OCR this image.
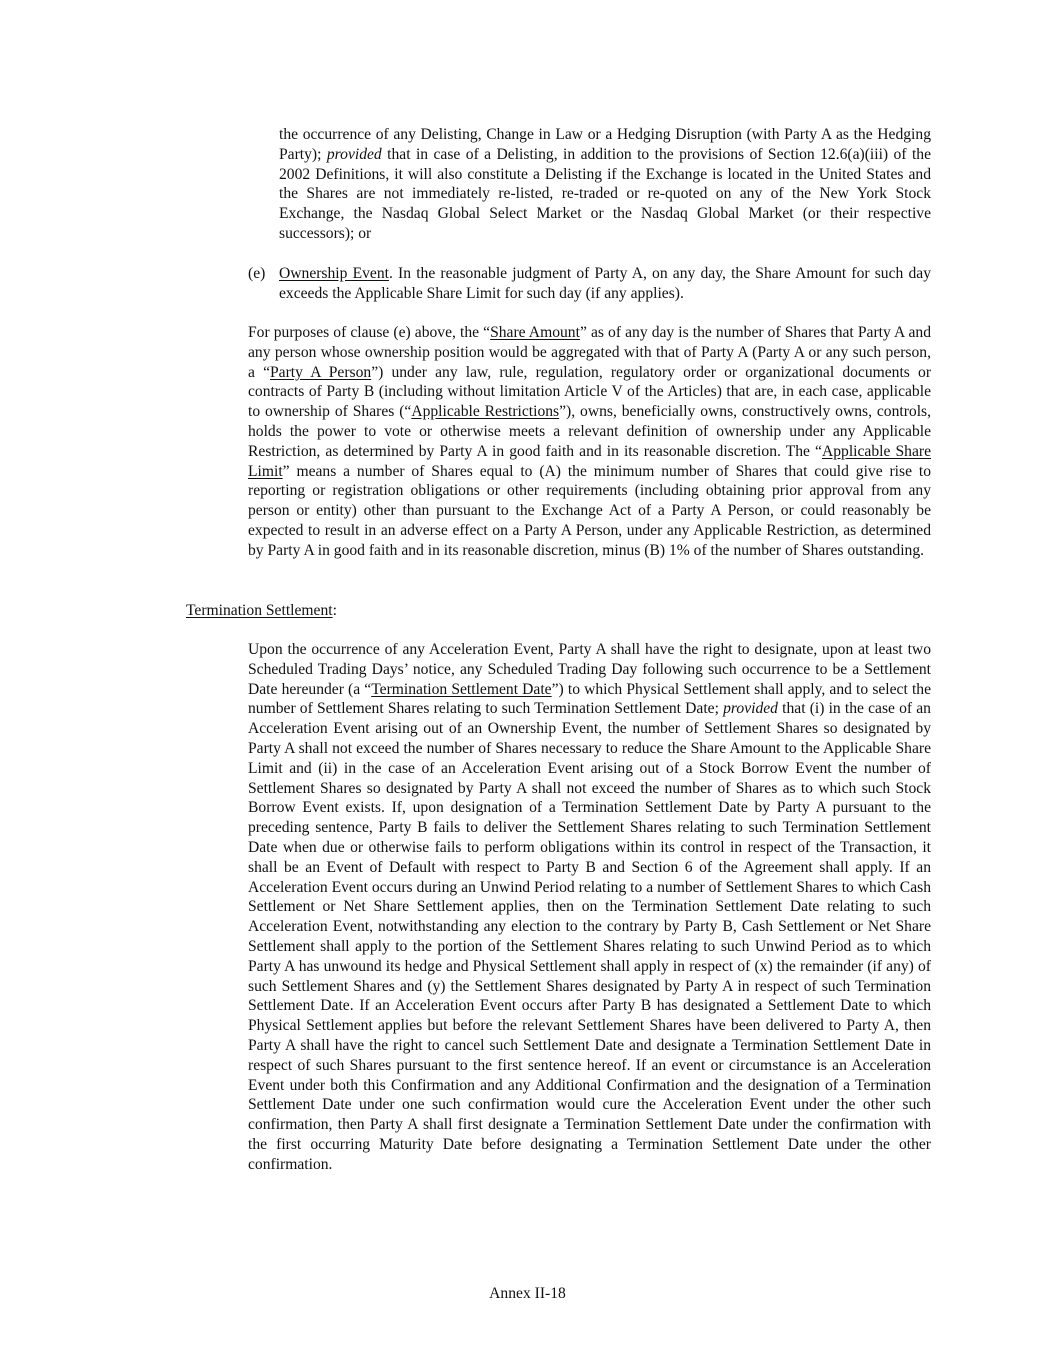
the occurrence of any Delisting, Change in Law or a Hedging Disruption (with Party A as the Hedging Party); provided that in case of a Delisting, in addition to the provisions of Section 12.6(a)(iii) of the 2002 Definitions, it will also constitute a Delisting if the Exchange is located in the United States and the Shares are not immediately re-listed, re-traded or re-quoted on any of the New York Stock Exchange, the Nasdaq Global Select Market or the Nasdaq Global Market (or their respective successors); or

(e) Ownership Event. In the reasonable judgment of Party A, on any day, the Share Amount for such day exceeds the Applicable Share Limit for such day (if any applies).

For purposes of clause (e) above, the “Share Amount” as of any day is the number of Shares that Party A and any person whose ownership position would be aggregated with that of Party A (Party A or any such person, a “Party A Person”) under any law, rule, regulation, regulatory order or organizational documents or contracts of Party B (including without limitation Article V of the Articles) that are, in each case, applicable to ownership of Shares (“Applicable Restrictions”), owns, beneficially owns, constructively owns, controls, holds the power to vote or otherwise meets a relevant definition of ownership under any Applicable Restriction, as determined by Party A in good faith and in its reasonable discretion. The “Applicable Share Limit” means a number of Shares equal to (A) the minimum number of Shares that could give rise to reporting or registration obligations or other requirements (including obtaining prior approval from any person or entity) other than pursuant to the Exchange Act of a Party A Person, or could reasonably be expected to result in an adverse effect on a Party A Person, under any Applicable Restriction, as determined by Party A in good faith and in its reasonable discretion, minus (B) 1% of the number of Shares outstanding.

Termination Settlement:

Upon the occurrence of any Acceleration Event, Party A shall have the right to designate, upon at least two Scheduled Trading Days’ notice, any Scheduled Trading Day following such occurrence to be a Settlement Date hereunder (a “Termination Settlement Date”) to which Physical Settlement shall apply, and to select the number of Settlement Shares relating to such Termination Settlement Date; provided that (i) in the case of an Acceleration Event arising out of an Ownership Event, the number of Settlement Shares so designated by Party A shall not exceed the number of Shares necessary to reduce the Share Amount to the Applicable Share Limit and (ii) in the case of an Acceleration Event arising out of a Stock Borrow Event the number of Settlement Shares so designated by Party A shall not exceed the number of Shares as to which such Stock Borrow Event exists. If, upon designation of a Termination Settlement Date by Party A pursuant to the preceding sentence, Party B fails to deliver the Settlement Shares relating to such Termination Settlement Date when due or otherwise fails to perform obligations within its control in respect of the Transaction, it shall be an Event of Default with respect to Party B and Section 6 of the Agreement shall apply. If an Acceleration Event occurs during an Unwind Period relating to a number of Settlement Shares to which Cash Settlement or Net Share Settlement applies, then on the Termination Settlement Date relating to such Acceleration Event, notwithstanding any election to the contrary by Party B, Cash Settlement or Net Share Settlement shall apply to the portion of the Settlement Shares relating to such Unwind Period as to which Party A has unwound its hedge and Physical Settlement shall apply in respect of (x) the remainder (if any) of such Settlement Shares and (y) the Settlement Shares designated by Party A in respect of such Termination Settlement Date. If an Acceleration Event occurs after Party B has designated a Settlement Date to which Physical Settlement applies but before the relevant Settlement Shares have been delivered to Party A, then Party A shall have the right to cancel such Settlement Date and designate a Termination Settlement Date in respect of such Shares pursuant to the first sentence hereof. If an event or circumstance is an Acceleration Event under both this Confirmation and any Additional Confirmation and the designation of a Termination Settlement Date under one such confirmation would cure the Acceleration Event under the other such confirmation, then Party A shall first designate a Termination Settlement Date under the confirmation with the first occurring Maturity Date before designating a Termination Settlement Date under the other confirmation.

Annex II-18
